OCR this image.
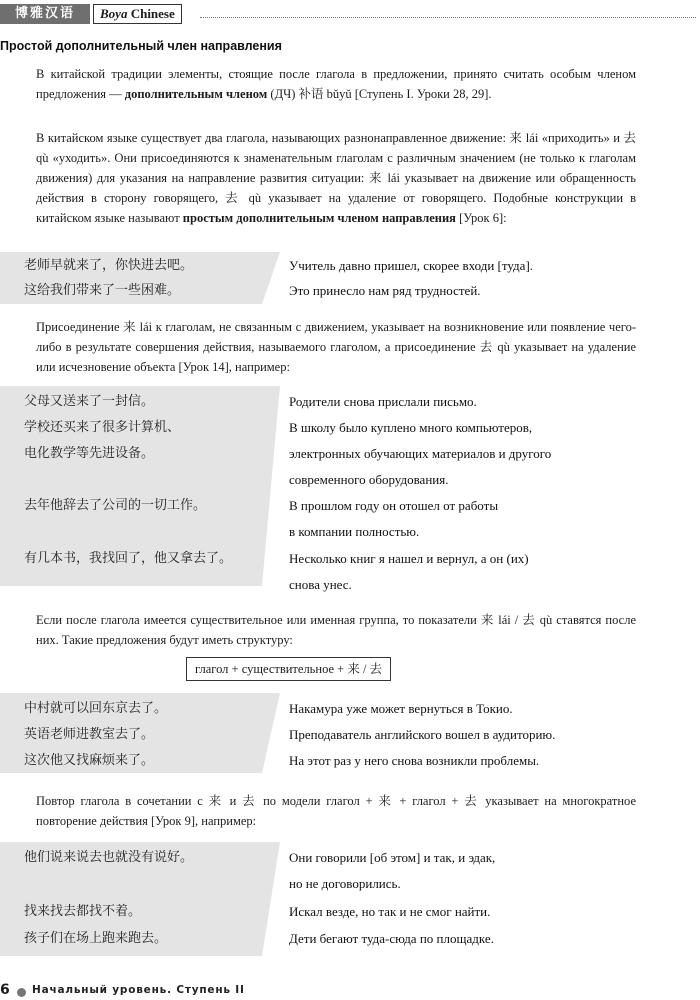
博雅汉语	Boya Chinese
Простой дополнительный член направления
В китайской традиции элементы, стоящие после глагола в предложении, принято считать особым членом предложения — дополнительным членом (ДЧ) 补语 bǔyǔ [Ступень I. Уроки 28, 29].
В китайском языке существует два глагола, называющих разнонаправленное движение: 来 lái «приходить» и 去 qù «уходить». Они присоединяются к знаменательным глаголам с различным значением (не только к глаголам движения) для указания на направление развития ситуации: 来 lái указывает на движение или обращенность действия в сторону говорящего, 去 qù указывает на удаление от говорящего. Подобные конструкции в китайском языке называют простым дополнительным членом направления [Урок 6]:
老师早就来了，你快进去吧。	Учитель давно пришел, скорее входи [туда].
这给我们带来了一些困难。	Это принесло нам ряд трудностей.
Присоединение 来 lái к глаголам, не связанным с движением, указывает на возникновение или появление чего-либо в результате совершения действия, называемого глаголом, а присоединение 去 qù указывает на удаление или исчезновение объекта [Урок 14], например:
父母又送来了一封信。	Родители снова прислали письмо.
学校还买来了很多计算机、	В школу было куплено много компьютеров,
电化教学等先进设备。	электронных обучающих материалов и другого
современного оборудования.
去年他辞去了公司的一切工作。	В прошлом году он отошел от работы
в компании полностью.
有几本书，我找回了，他又拿去了。	Несколько книг я нашел и вернул, а он (их)
снова унес.
Если после глагола имеется существительное или именная группа, то показатели 来 lái / 去 qù ставятся после них. Такие предложения будут иметь структуру:
глагол + существительное + 来 / 去
中村就可以回东京去了。	Накамура уже может вернуться в Токио.
英语老师进教室去了。	Преподаватель английского вошел в аудиторию.
这次他又找麻烦来了。	На этот раз у него снова возникли проблемы.
Повтор глагола в сочетании с 来 и 去 по модели глагол + 来 + глагол + 去 указывает на многократное повторение действия [Урок 9], например:
他们说来说去也就没有说好。	Они говорили [об этом] и так, и эдак,
но не договорились.
找来找去都找不着。	Искал везде, но так и не смог найти.
孩子们在场上跑来跑去。	Дети бегают туда-сюда по площадке.
6 Начальный уровень. Ступень II
